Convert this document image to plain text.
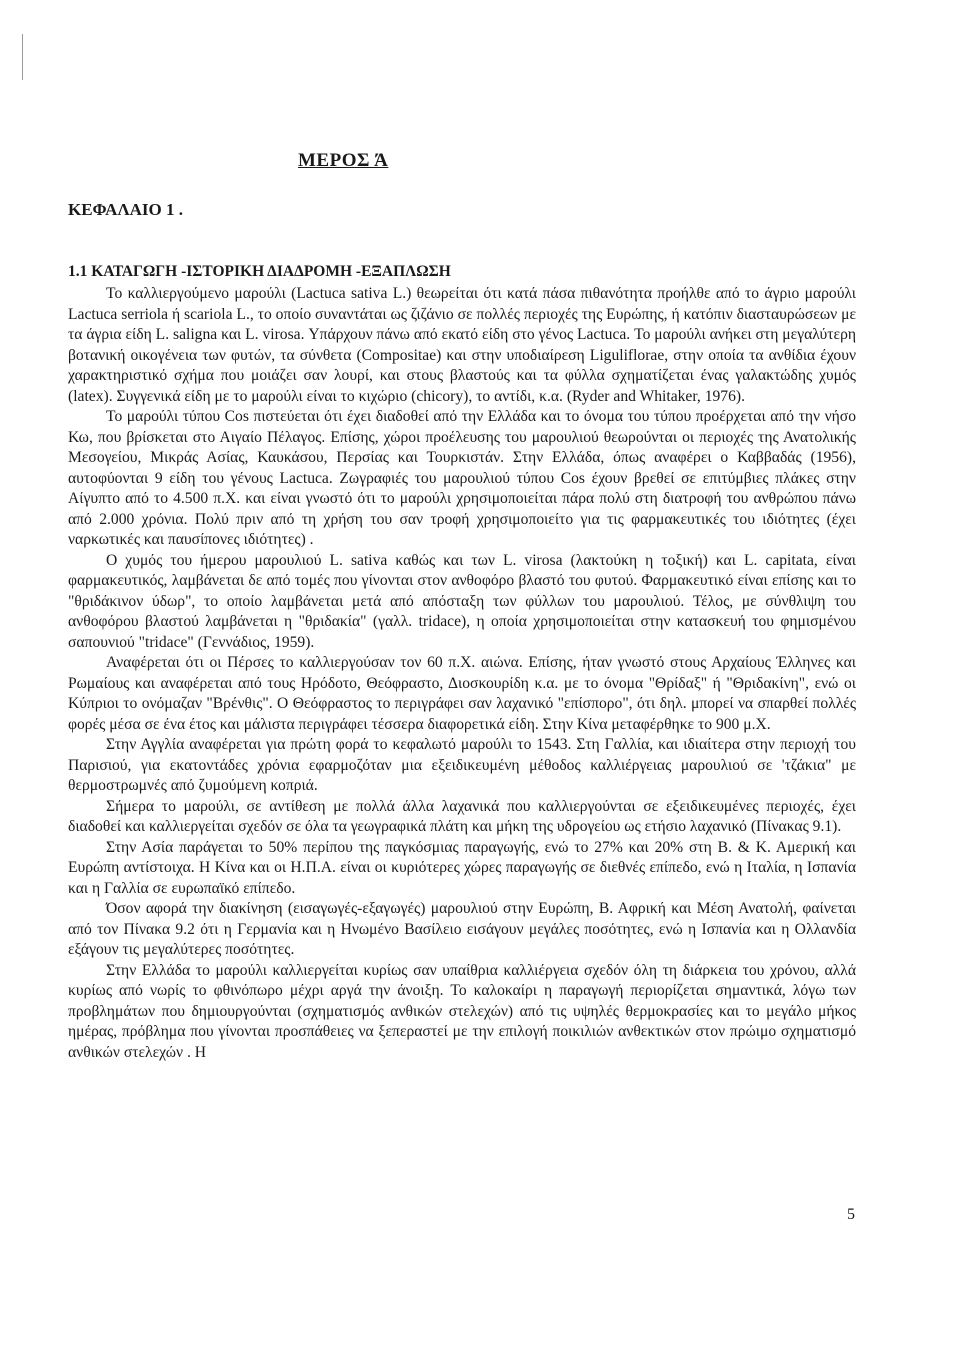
ΜΕΡΟΣ Ά
ΚΕΦΑΛΑΙΟ 1 .
1.1 ΚΑΤΑΓΩΓΗ -ΙΣΤΟΡΙΚΗ ΔΙΑΔΡΟΜΗ -ΕΞΑΠΛΩΣΗ

Το καλλιεργούμενο μαρούλι (Lactuca sativa L.) θεωρείται ότι κατά πάσα πιθανότητα προήλθε από το άγριο μαρούλι Lactuca serriola ή scariola L., το οποίο συναντάται ως ζιζάνιο σε πολλές περιοχές της Ευρώπης, ή κατόπιν διασταυρώσεων με τα άγρια είδη L. saligna και L. virosa. Υπάρχουν πάνω από εκατό είδη στο γένος Lactuca. Το μαρούλι ανήκει στη μεγαλύτερη βοτανική οικογένεια των φυτών, τα σύνθετα (Compositae) και στην υποδιαίρεση Liguliflorae, στην οποία τα ανθίδια έχουν χαρακτηριστικό σχήμα που μοιάζει σαν λουρί, και στους βλαστούς και τα φύλλα σχηματίζεται ένας γαλακτώδης χυμός (latex). Συγγενικά είδη με το μαρούλι είναι το κιχώριο (chicory), το αντίδι, κ.α. (Ryder and Whitaker, 1976).

Το μαρούλι τύπου Cos πιστεύεται ότι έχει διαδοθεί από την Ελλάδα και το όνομα του τύπου προέρχεται από την νήσο Κω, που βρίσκεται στο Αιγαίο Πέλαγος. Επίσης, χώροι προέλευσης του μαρουλιού θεωρούνται οι περιοχές της Ανατολικής Μεσογείου, Μικράς Ασίας, Καυκάσου, Περσίας και Τουρκιστάν. Στην Ελλάδα, όπως αναφέρει ο Καββαδάς (1956), αυτοφύονται 9 είδη του γένους Lactuca. Ζωγραφιές του μαρουλιού τύπου Cos έχουν βρεθεί σε επιτύμβιες πλάκες στην Αίγυπτο από το 4.500 π.Χ. και είναι γνωστό ότι το μαρούλι χρησιμοποιείται πάρα πολύ στη διατροφή του ανθρώπου πάνω από 2.000 χρόνια. Πολύ πριν από τη χρήση του σαν τροφή χρησιμοποιείτο για τις φαρμακευτικές του ιδιότητες (έχει ναρκωτικές και παυσίπονες ιδιότητες) .

Ο χυμός του ήμερου μαρουλιού L. sativa καθώς και των L. virosa (λακτούκη η τοξική) και L. capitata, είναι φαρμακευτικός, λαμβάνεται δε από τομές που γίνονται στον ανθοφόρο βλαστό του φυτού. Φαρμακευτικό είναι επίσης και το "θριδάκινον ύδωρ", το οποίο λαμβάνεται μετά από απόσταξη των φύλλων του μαρουλιού. Τέλος, με σύνθλιψη του ανθοφόρου βλαστού λαμβάνεται η "θριδακία" (γαλλ. tridace), η οποία χρησιμοποιείται στην κατασκευή του φημισμένου σαπουνιού "tridace" (Γεννάδιος, 1959).

Αναφέρεται ότι οι Πέρσες το καλλιεργούσαν τον 60 π.Χ. αιώνα. Επίσης, ήταν γνωστό στους Αρχαίους Έλληνες και Ρωμαίους και αναφέρεται από τους Ηρόδοτο, Θεόφραστο, Διοσκουρίδη κ.α. με το όνομα "Θρίδαξ" ή "Θριδακίνη", ενώ οι Κύπριοι το ονόμαζαν "Βρένθις". Ο Θεόφραστος το περιγράφει σαν λαχανικό "επίσπορο", ότι δηλ. μπορεί να σπαρθεί πολλές φορές μέσα σε ένα έτος και μάλιστα περιγράφει τέσσερα διαφορετικά είδη. Στην Κίνα μεταφέρθηκε το 900 μ.Χ.

Στην Αγγλία αναφέρεται για πρώτη φορά το κεφαλωτό μαρούλι το 1543. Στη Γαλλία, και ιδιαίτερα στην περιοχή του Παρισιού, για εκατοντάδες χρόνια εφαρμοζόταν μια εξειδικευμένη μέθοδος καλλιέργειας μαρουλιού σε 'τζάκια" με θερμοστρωμνές από ζυμούμενη κοπριά.

Σήμερα το μαρούλι, σε αντίθεση με πολλά άλλα λαχανικά που καλλιεργούνται σε εξειδικευμένες περιοχές, έχει διαδοθεί και καλλιεργείται σχεδόν σε όλα τα γεωγραφικά πλάτη και μήκη της υδρογείου ως ετήσιο λαχανικό (Πίνακας 9.1).

Στην Ασία παράγεται το 50% περίπου της παγκόσμιας παραγωγής, ενώ το 27% και 20% στη Β. & Κ. Αμερική και Ευρώπη αντίστοιχα. Η Κίνα και οι Η.Π.Α. είναι οι κυριότερες χώρες παραγωγής σε διεθνές επίπεδο, ενώ η Ιταλία, η Ισπανία και η Γαλλία σε ευρωπαϊκό επίπεδο.

Όσον αφορά την διακίνηση (εισαγωγές-εξαγωγές) μαρουλιού στην Ευρώπη, Β. Αφρική και Μέση Ανατολή, φαίνεται από τον Πίνακα 9.2 ότι η Γερμανία και η Ηνωμένο Βασίλειο εισάγουν μεγάλες ποσότητες, ενώ η Ισπανία και η Ολλανδία εξάγουν τις μεγαλύτερες ποσότητες.

Στην Ελλάδα το μαρούλι καλλιεργείται κυρίως σαν υπαίθρια καλλιέργεια σχεδόν όλη τη διάρκεια του χρόνου, αλλά κυρίως από νωρίς το φθινόπωρο μέχρι αργά την άνοιξη. Το καλοκαίρι η παραγωγή περιορίζεται σημαντικά, λόγω των προβλημάτων που δημιουργούνται (σχηματισμός ανθικών στελεχών) από τις υψηλές θερμοκρασίες και το μεγάλο μήκος ημέρας, πρόβλημα που γίνονται προσπάθειες να ξεπεραστεί με την επιλογή ποικιλιών ανθεκτικών στον πρώιμο σχηματισμό ανθικών στελεχών . Η

5
